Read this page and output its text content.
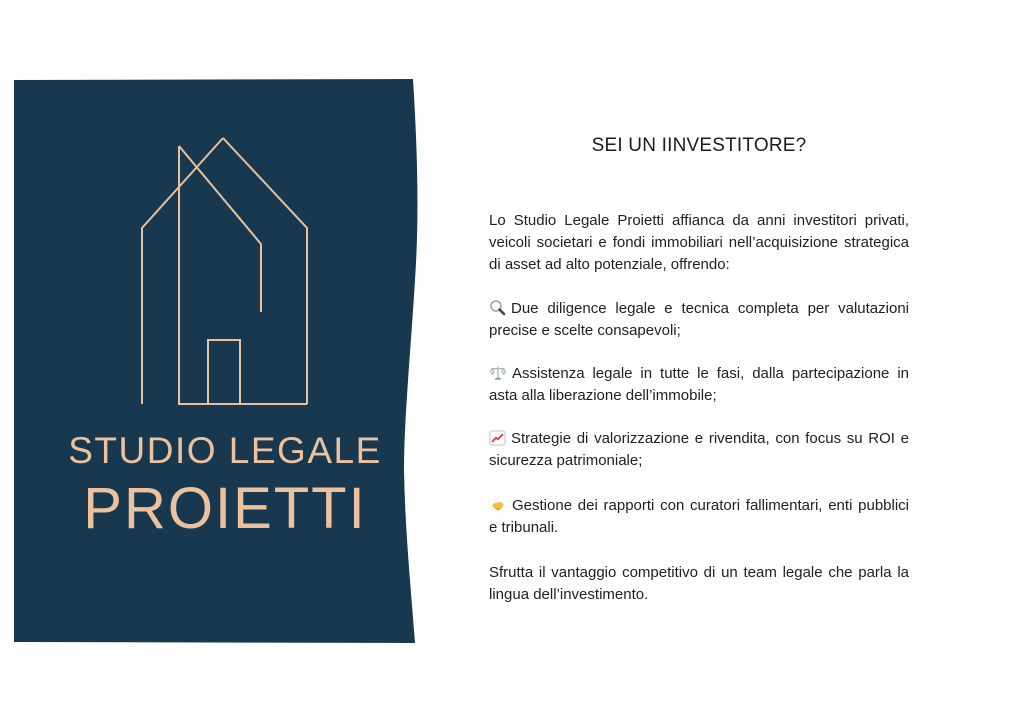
STUDIO LEGALE
PROIETTI
SEI UN IINVESTITORE?

Lo Studio Legale Proietti affianca da anni investitori privati, veicoli societari e fondi immobiliari nell’acquisizione strategica di asset ad alto potenziale, offrendo:

Due diligence legale e tecnica completa per valutazioni precise e scelte consapevoli;

Assistenza legale in tutte le fasi, dalla partecipazione in asta alla liberazione dell’immobile;

Strategie di valorizzazione e rivendita, con focus su ROI e sicurezza patrimoniale;

Gestione dei rapporti con curatori fallimentari, enti pubblici e tribunali.

Sfrutta il vantaggio competitivo di un team legale che parla la lingua dell’investimento.
